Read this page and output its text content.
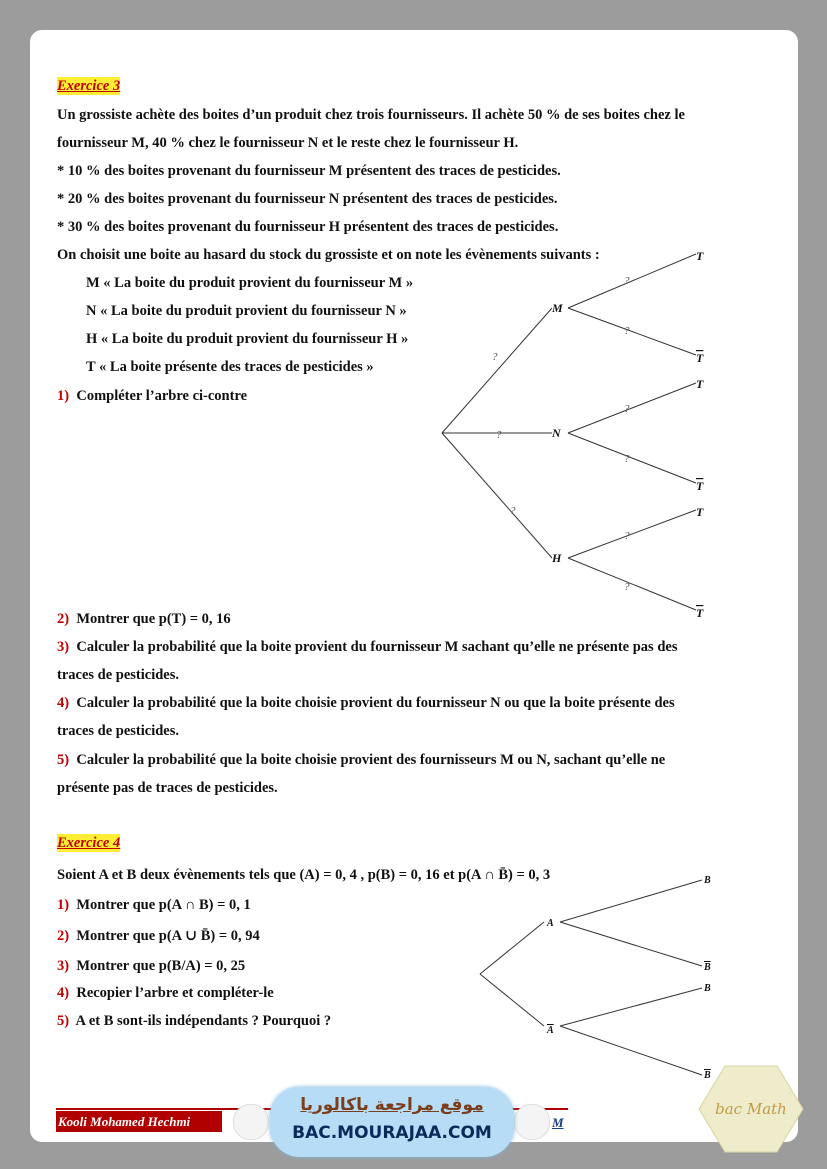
Exercice 3
Un grossiste achète des boites d’un produit chez trois fournisseurs. Il achète 50 % de ses boites chez le
fournisseur M, 40 % chez le fournisseur N et le reste chez le fournisseur H.
* 10 % des boites provenant du fournisseur M présentent des traces de pesticides.
* 20 % des boites provenant du fournisseur N présentent des traces de pesticides.
* 30 % des boites provenant du fournisseur H présentent des traces de pesticides.
On choisit une boite au hasard du stock du grossiste et on note les évènements suivants :
M « La boite du produit provient du fournisseur M »
N « La boite du produit provient du fournisseur N »
H « La boite du produit provient du fournisseur H »
T « La boite présente des traces de pesticides »
1) Compléter l’arbre ci-contre
M
N
H
T
T
T
T
T
T
?
?
?
?
?
?
?
?
?
2) Montrer que p(T) = 0, 16
3) Calculer la probabilité que la boite provient du fournisseur M sachant qu’elle ne présente pas des
traces de pesticides.
4) Calculer la probabilité que la boite choisie provient du fournisseur N ou que la boite présente des
traces de pesticides.
5) Calculer la probabilité que la boite choisie provient des fournisseurs M ou N, sachant qu’elle ne
présente pas de traces de pesticides.
Exercice 4
Soient A et B deux évènements tels que (A) = 0, 4 , p(B) = 0, 16 et p(A ∩ B̄) = 0, 3
1) Montrer que p(A ∩ B) = 0, 1
2) Montrer que p(A ∪ B̄) = 0, 94
3) Montrer que p(B/A) = 0, 25
4) Recopier l’arbre et compléter-le
5) A et B sont-ils indépendants ? Pourquoi ?
A
A
B
B
B
B
Kooli Mohamed Hechmi	M
موقع مراجعة باكالوريا
BAC.MOURAJAA.COM
bac Math
